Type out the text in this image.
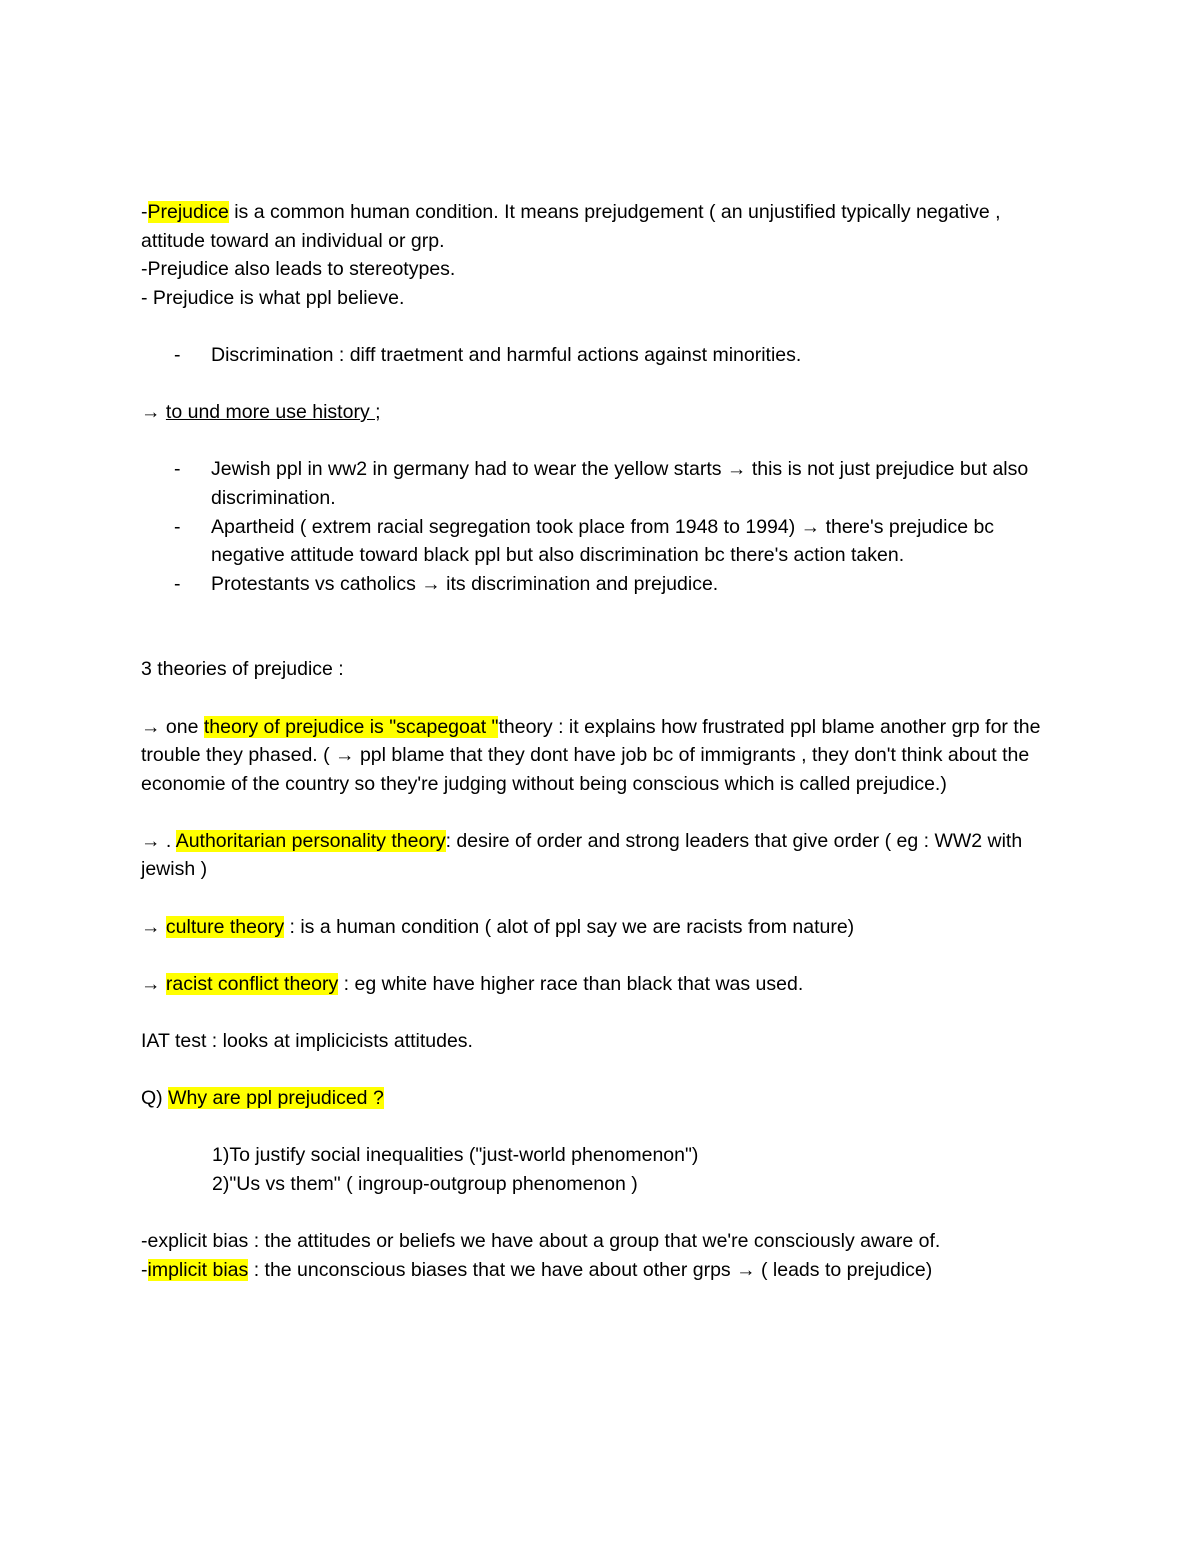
-Prejudice is a common human condition. It means prejudgement ( an unjustified typically negative , attitude toward an individual or grp.

-Prejudice also leads to stereotypes.

- Prejudice is what ppl believe.

-	Discrimination : diff traetment and harmful actions against minorities.

→ to und more use history ;

-	Jewish ppl in ww2 in germany had to wear the yellow starts → this is not just prejudice but also discrimination.
-	Apartheid ( extrem racial segregation took place from 1948 to 1994) → there's prejudice bc negative attitude toward black ppl but also discrimination bc there's action taken.
-	Protestants vs catholics → its discrimination and prejudice.

3 theories of prejudice :

→ one theory of prejudice is "scapegoat "theory : it explains how frustrated ppl blame another grp for the trouble they phased. ( → ppl blame that they dont have job bc of immigrants , they don't think about the economie of the country so they're judging without being conscious which is called prejudice.)

→ . Authoritarian personality theory: desire of order and strong leaders that give order ( eg : WW2 with jewish )

→ culture theory : is a human condition ( alot of ppl say we are racists from nature)

→ racist conflict theory : eg white have higher race than black that was used.

IAT test : looks at implicicists attitudes.

Q) Why are ppl prejudiced ?

1)To justify social inequalities ("just-world phenomenon")

2)"Us vs them" ( ingroup-outgroup phenomenon )

-explicit bias : the attitudes or beliefs we have about a group that we're consciously aware of.

-implicit bias : the unconscious biases that we have about other grps → ( leads to prejudice)
